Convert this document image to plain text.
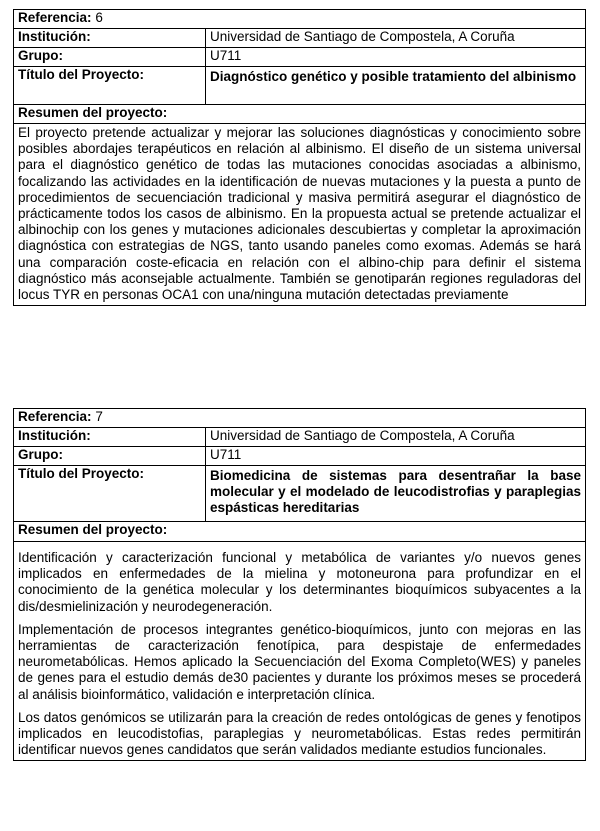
Referencia: 6	
Institución:	Universidad de Santiago de Compostela, A Coruña
Grupo:	U711
Título del Proyecto:	Diagnóstico genético y posible tratamiento del albinismo
Resumen del proyecto:	

El proyecto pretende actualizar y mejorar las soluciones diagnósticas y conocimiento sobre posibles abordajes terapéuticos en relación al albinismo. El diseño de un sistema universal para el diagnóstico genético de todas las mutaciones conocidas asociadas a albinismo, focalizando las actividades en la identificación de nuevas mutaciones y la puesta a punto de procedimientos de secuenciación tradicional y masiva permitirá asegurar el diagnóstico de prácticamente todos los casos de albinismo. En la propuesta actual se pretende actualizar el albinochip con los genes y mutaciones adicionales descubiertas y completar la aproximación diagnóstica con estrategias de NGS, tanto usando paneles como exomas. Además se hará una comparación coste-eficacia en relación con el albino-chip para definir el sistema diagnóstico más aconsejable actualmente. También se genotiparán regiones reguladoras del locus TYR en personas OCA1 con una/ninguna mutación detectadas previamente	

Referencia: 7	
Institución:	Universidad de Santiago de Compostela, A Coruña
Grupo:	U711
Título del Proyecto:	Biomedicina de sistemas para desentrañar la base molecular y el modelado de leucodistrofias y paraplegias espásticas hereditarias
Resumen del proyecto:	

Identificación y caracterización funcional y metabólica de variantes y/o nuevos genes implicados en enfermedades de la mielina y motoneurona para profundizar en el conocimiento de la genética molecular y los determinantes bioquímicos subyacentes a la dis/desmielinización y neurodegeneración.

Implementación de procesos integrantes genético-bioquímicos, junto con mejoras en las herramientas de caracterización fenotípica, para despistaje de enfermedades neurometabólicas. Hemos aplicado la Secuenciación del Exoma Completo(WES) y paneles de genes para el estudio demás de30 pacientes y durante los próximos meses se procederá al análisis bioinformático, validación e interpretación clínica.

Los datos genómicos se utilizarán para la creación de redes ontológicas de genes y fenotipos implicados en leucodistofias, paraplegias y neurometabólicas. Estas redes permitirán identificar nuevos genes candidatos que serán validados mediante estudios funcionales.	
